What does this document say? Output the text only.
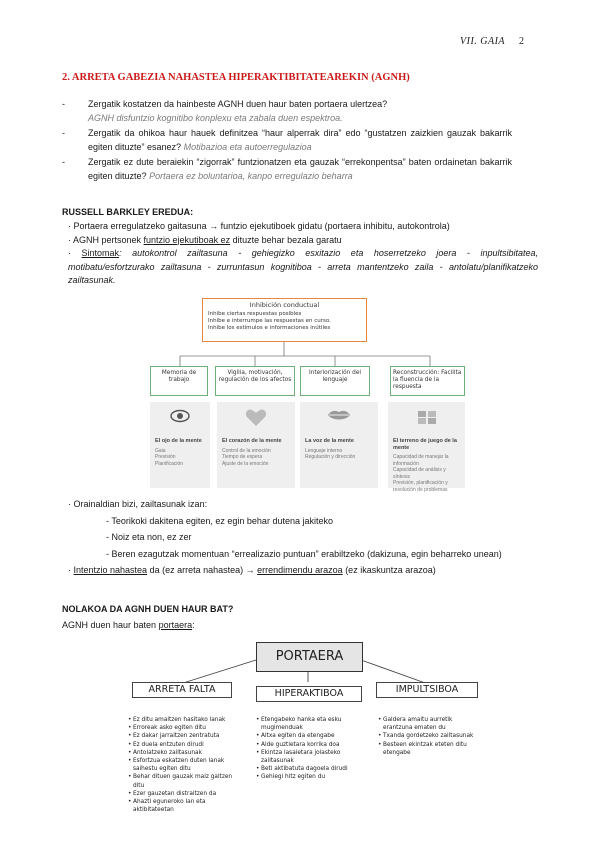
VII. GAIA 2
2. ARRETA GABEZIA NAHASTEA HIPERAKTIBITATEAREKIN (AGNH)
-	Zergatik kostatzen da hainbeste AGNH duen haur baten portaera ulertzea?
AGNH disfuntzio kognitibo konplexu eta zabala duen espektroa.
-	Zergatik da ohikoa haur hauek definitzea “haur alperrak dira” edo “gustatzen zaizkien gauzak bakarrik egiten dituzte” esanez? Motibazioa eta autoerregulazioa
-	Zergatik ez dute beraiekin “zigorrak” funtzionatzen eta gauzak “errekonpentsa” baten ordainetan bakarrik egiten dituzte? Portaera ez boluntarioa, kanpo erregulazio beharra
RUSSELL BARKLEY EREDUA:
· Portaera erregulatzeko gaitasuna → funtzio ejekutiboek gidatu (portaera inhibitu, autokontrola)
· AGNH pertsonek funtzio ejekutiboak ez dituzte behar bezala garatu
· Sintomak: autokontrol zailtasuna - gehiegizko esxitazio eta hoserretzeko joera - inpultsibitatea, motibatu/esfortzurako zailtasuna - zurruntasun kognitiboa - arreta mantentzeko zaila - antolatu/planifikatzeko zailtasunak.
Inhibición conductual
Inhibe ciertas respuestas posibles
Inhibe e interrumpe las respuestas en curso.
Inhibe los estímulos e informaciones inútiles
Memoria de trabajo
Vigilia, motivación, regulación de los afectos
Interiorización del lenguaje
Reconstrucción: Facilita la fluencia de la respuesta
El ojo de la mente
Gaia
Previsión
Planificación
El corazón de la mente
Control de la emoción
Tiempo de espera
Ajuste de la emoción
La voz de la mente
Lenguaje interno
Regulación y dirección
El terreno de juego de la mente
Capacidad de manejar la información
Capacidad de análisis y síntesis
Previsión, planificación y resolución de problemas
· Orainaldian bizi, zailtasunak izan:
- Teorikoki dakitena egiten, ez egin behar dutena jakiteko
- Noiz eta non, ez zer
- Beren ezagutzak momentuan “errealizazio puntuan” erabiltzeko (dakizuna, egin beharreko unean)
· Intentzio nahastea da (ez arreta nahastea) → errendimendu arazoa (ez ikaskuntza arazoa)
NOLAKOA DA AGNH DUEN HAUR BAT?
AGNH duen haur baten portaera:
PORTAERA
ARRETA FALTA	HIPERAKTIBOA	IMPULTSIBOA
• Ez ditu amaitzen hasitako lanak
• Erroreak asko egiten ditu
• Ez dakar jarraitzen zentratuta
• Ez duela entzuten dirudi
• Antolatzeko zailtasunak
• Esfortzua eskatzen duten lanak saihestu egiten ditu
• Behar dituen gauzak maiz galtzen ditu
• Ezer gauzetan distraitzen da
• Ahazti eguneroko lan eta aktibitateetan
• Etengabeko hanka eta esku mugimenduak
• Altxa egiten da etengabe
• Alde guztietara korrika doa
• Ekintza lasaietara jolasteko zailtasunak
• Beti aktibatuta dagoela dirudi
• Gehiegi hitz egiten du
• Galdera amaitu aurretik erantzuna ematen du
• Txanda gordetzeko zailtasunak
• Besteen ekintzak eteten ditu etengabe
